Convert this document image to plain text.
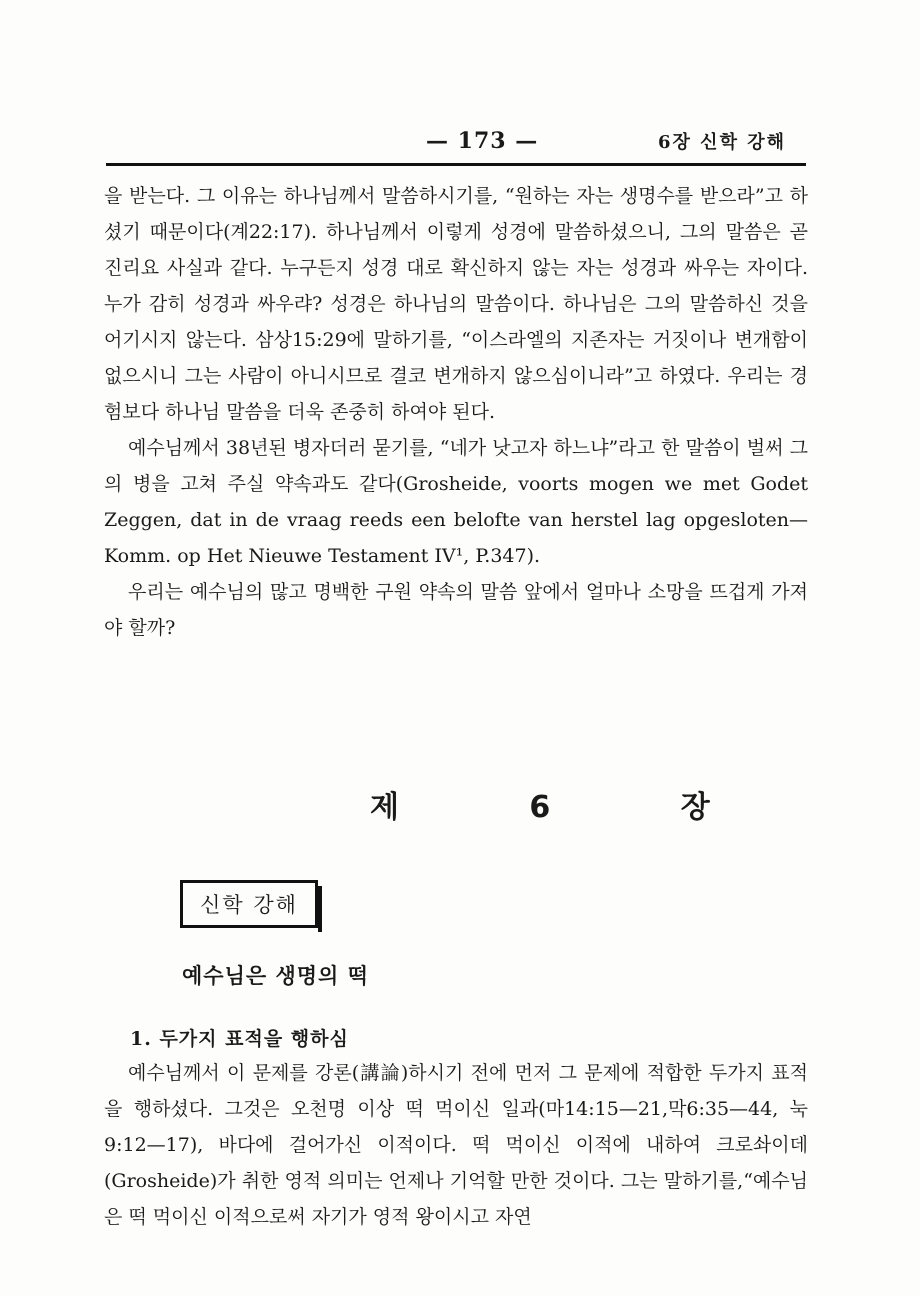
— 173 —	6장 신학 강해

을 받는다. 그 이유는 하나님께서 말씀하시기를, “원하는 자는 생명수를 받으라”고 하셨기 때문이다(계22:17). 하나님께서 이렇게 성경에 말씀하셨으니, 그의 말씀은 곧 진리요 사실과 같다. 누구든지 성경 대로 확신하지 않는 자는 성경과 싸우는 자이다. 누가 감히 성경과 싸우랴? 성경은 하나님의 말씀이다. 하나님은 그의 말씀하신 것을 어기시지 않는다. 삼상15:29에 말하기를, “이스라엘의 지존자는 거짓이나 변개함이 없으시니 그는 사람이 아니시므로 결코 변개하지 않으심이니라”고 하였다. 우리는 경험보다 하나님 말씀을 더욱 존중히 하여야 된다.

예수님께서 38년된 병자더러 묻기를, “네가 낫고자 하느냐”라고 한 말씀이 벌써 그의 병을 고쳐 주실 약속과도 같다(Grosheide, voorts mogen we met Godet Zeggen, dat in de vraag reeds een belofte van herstel lag opgesloten—Komm. op Het Nieuwe Testament IV¹, P.347).

우리는 예수님의 많고 명백한 구원 약속의 말씀 앞에서 얼마나 소망을 뜨겁게 가져야 할까?

제 6 장
신학 강해
예수님은 생명의 떡
1. 두가지 표적을 행하심

예수님께서 이 문제를 강론(講論)하시기 전에 먼저 그 문제에 적합한 두가지 표적을 행하셨다. 그것은 오천명 이상 떡 먹이신 일과(마14:15—21,막6:35—44, 눅9:12—17), 바다에 걸어가신 이적이다. 떡 먹이신 이적에 내하여 크로솨이데(Grosheide)가 취한 영적 의미는 언제나 기억할 만한 것이다. 그는 말하기를,“예수님은 떡 먹이신 이적으로써 자기가 영적 왕이시고 자연
